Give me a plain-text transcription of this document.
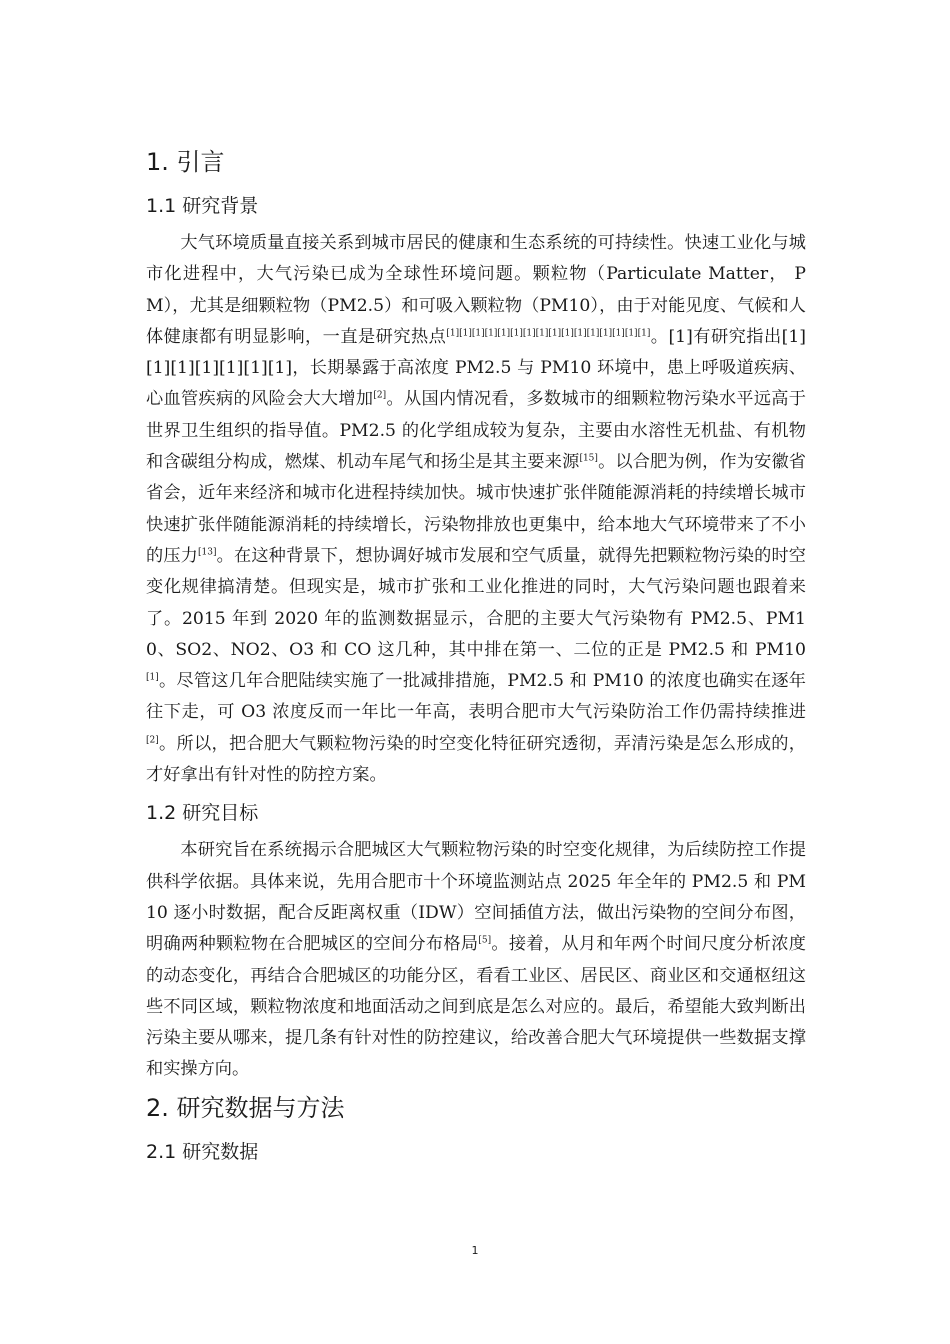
1. 引言
1.1 研究背景

大气环境质量直接关系到城市居民的健康和生态系统的可持续性。快速工业化与城市化进程中，大气污染已成为全球性环境问题。颗粒物（Particulate Matter， PM），尤其是细颗粒物（PM2.5）和可吸入颗粒物（PM10），由于对能见度、气候和人体健康都有明显影响，一直是研究热点[1][1][1][1][1][1][1][1][1][1][1][1][1][1][1][1]。[1]有研究指出[1][1][1][1][1][1][1]，长期暴露于高浓度 PM2.5 与 PM10 环境中，患上呼吸道疾病、心血管疾病的风险会大大增加[2]。从国内情况看，多数城市的细颗粒物污染水平远高于世界卫生组织的指导值。PM2.5 的化学组成较为复杂，主要由水溶性无机盐、有机物和含碳组分构成，燃煤、机动车尾气和扬尘是其主要来源[15]。以合肥为例，作为安徽省省会，近年来经济和城市化进程持续加快。城市快速扩张伴随能源消耗的持续增长城市快速扩张伴随能源消耗的持续增长，污染物排放也更集中，给本地大气环境带来了不小的压力[13]。在这种背景下，想协调好城市发展和空气质量，就得先把颗粒物污染的时空变化规律搞清楚。但现实是，城市扩张和工业化推进的同时，大气污染问题也跟着来了。2015 年到 2020 年的监测数据显示，合肥的主要大气污染物有 PM2.5、PM10、SO2、NO2、O3 和 CO 这几种，其中排在第一、二位的正是 PM2.5 和 PM10[1]。尽管这几年合肥陆续实施了一批减排措施，PM2.5 和 PM10 的浓度也确实在逐年往下走，可 O3 浓度反而一年比一年高，表明合肥市大气污染防治工作仍需持续推进[2]。所以，把合肥大气颗粒物污染的时空变化特征研究透彻，弄清污染是怎么形成的，才好拿出有针对性的防控方案。

1.2 研究目标

本研究旨在系统揭示合肥城区大气颗粒物污染的时空变化规律，为后续防控工作提供科学依据。具体来说，先用合肥市十个环境监测站点 2025 年全年的 PM2.5 和 PM10 逐小时数据，配合反距离权重（IDW）空间插值方法，做出污染物的空间分布图，明确两种颗粒物在合肥城区的空间分布格局[5]。接着，从月和年两个时间尺度分析浓度的动态变化，再结合合肥城区的功能分区，看看工业区、居民区、商业区和交通枢纽这些不同区域，颗粒物浓度和地面活动之间到底是怎么对应的。最后，希望能大致判断出污染主要从哪来，提几条有针对性的防控建议，给改善合肥大气环境提供一些数据支撑和实操方向。

2. 研究数据与方法
2.1 研究数据
1
